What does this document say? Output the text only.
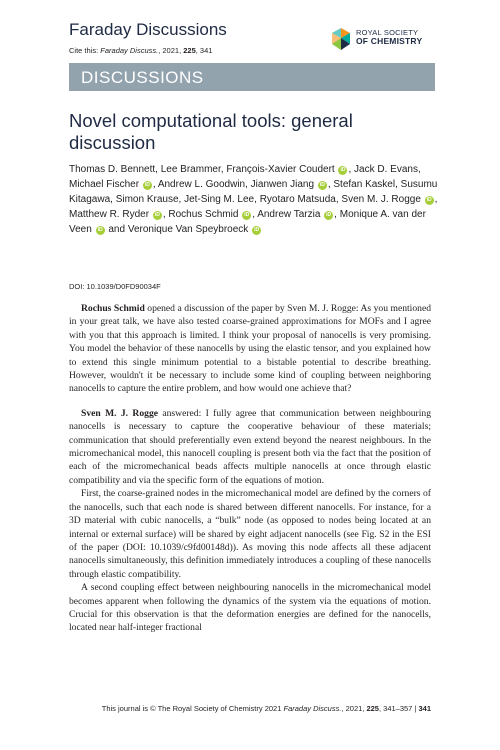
Faraday Discussions
Cite this: Faraday Discuss., 2021, 225, 341
ROYAL SOCIETY
OF CHEMISTRY
DISCUSSIONS
Novel computational tools: general discussion
Thomas D. Bennett, Lee Brammer, François-Xavier Coudert iD , Jack D. Evans, Michael Fischer iD , Andrew L. Goodwin, Jianwen Jiang iD , Stefan Kaskel, Susumu Kitagawa, Simon Krause, Jet-Sing M. Lee, Ryotaro Matsuda, Sven M. J. Rogge iD , Matthew R. Ryder iD , Rochus Schmid iD , Andrew Tarzia iD , Monique A. van der Veen iD and Veronique Van Speybroeck iD
DOI: 10.1039/D0FD90034F

Rochus Schmid opened a discussion of the paper by Sven M. J. Rogge: As you mentioned in your great talk, we have also tested coarse-grained approximations for MOFs and I agree with you that this approach is limited. I think your proposal of nanocells is very promising. You model the behavior of these nanocells by using the elastic tensor, and you explained how to extend this single minimum potential to a bistable potential to describe breathing. However, wouldn't it be necessary to include some kind of coupling between neighboring nanocells to capture the entire problem, and how would one achieve that?

Sven M. J. Rogge answered: I fully agree that communication between neighbouring nanocells is necessary to capture the cooperative behaviour of these materials; communication that should preferentially even extend beyond the nearest neighbours. In the micromechanical model, this nanocell coupling is present both via the fact that the position of each of the micromechanical beads affects multiple nanocells at once through elastic compatibility and via the specific form of the equations of motion.

First, the coarse-grained nodes in the micromechanical model are defined by the corners of the nanocells, such that each node is shared between different nanocells. For instance, for a 3D material with cubic nanocells, a “bulk” node (as opposed to nodes being located at an internal or external surface) will be shared by eight adjacent nanocells (see Fig. S2 in the ESI of the paper (DOI: 10.1039/c9fd00148d)). As moving this node affects all these adjacent nanocells simultaneously, this definition immediately introduces a coupling of these nanocells through elastic compatibility.

A second coupling effect between neighbouring nanocells in the micromechanical model becomes apparent when following the dynamics of the system via the equations of motion. Crucial for this observation is that the deformation energies are defined for the nanocells, located near half-integer fractional

This journal is © The Royal Society of Chemistry 2021 Faraday Discuss., 2021, 225, 341–357 | 341
